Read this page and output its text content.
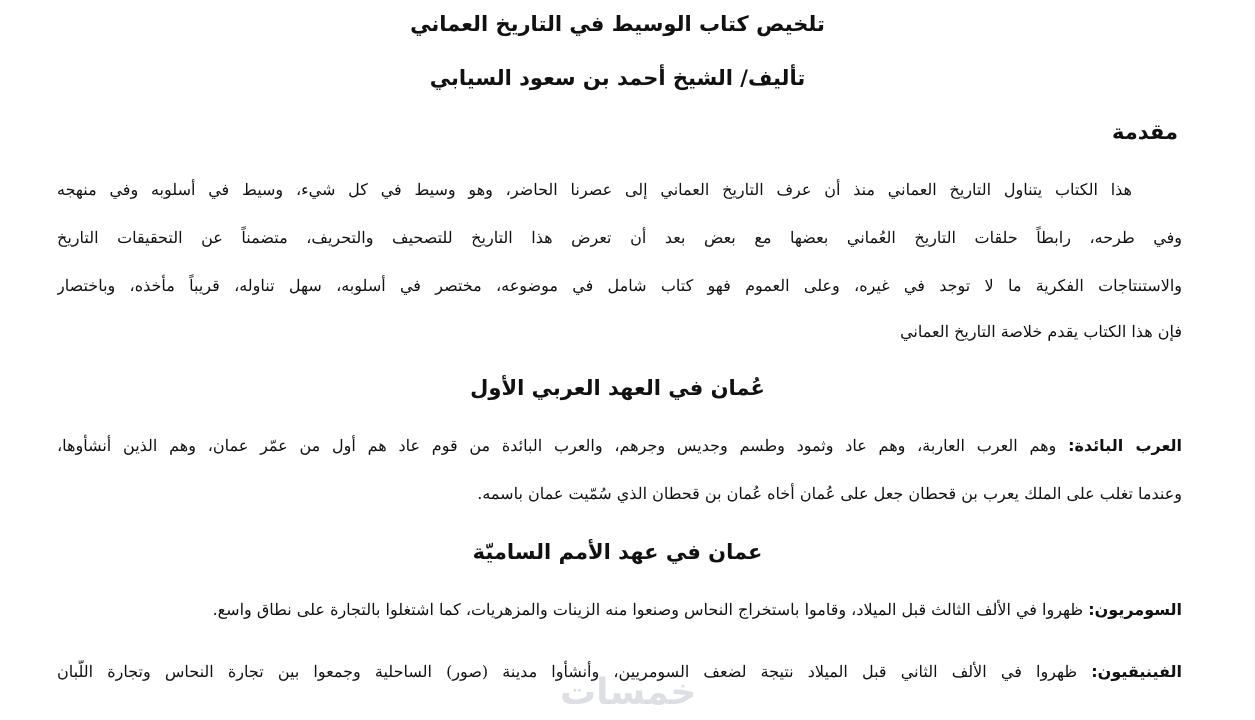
تلخيص كتاب الوسيط في التاريخ العماني
تأليف/ الشيخ أحمد بن سعود السيابي
مقدمة

هذا الكتاب يتناول التاريخ العماني منذ أن عرف التاريخ العماني إلى عصرنا الحاضر، وهو وسيط في كل شيء، وسيط في أسلوبه وفي منهجه

وفي طرحه، رابطاً حلقات التاريخ العُماني بعضها مع بعض بعد أن تعرض هذا التاريخ للتصحيف والتحريف، متضمناً عن التحقيقات التاريخ

والاستنتاجات الفكرية ما لا توجد في غيره، وعلى العموم فهو كتاب شامل في موضوعه، مختصر في أسلوبه، سهل تناوله، قريباً مأخذه، وباختصار

فإن هذا الكتاب يقدم خلاصة التاريخ العماني

عُمان في العهد العربي الأول

العرب البائدة: وهم العرب العاربة، وهم عاد وثمود وطسم وجديس وجرهم، والعرب البائدة من قوم عاد هم أول من عمّر عمان، وهم الذين أنشأوها،

وعندما تغلب على الملك يعرب بن قحطان جعل على عُمان أخاه عُمان بن قحطان الذي سُمّيت عمان باسمه.

عمان في عهد الأمم الساميّة

السومريون: ظهروا في الألف الثالث قبل الميلاد، وقاموا باستخراج النحاس وصنعوا منه الزينات والمزهريات، كما اشتغلوا بالتجارة على نطاق واسع.

الفينيقيون: ظهروا في الألف الثاني قبل الميلاد نتيجة لضعف السومريين، وأنشأوا مدينة (صور) الساحلية وجمعوا بين تجارة النحاس وتجارة اللُّبان

خمسات
